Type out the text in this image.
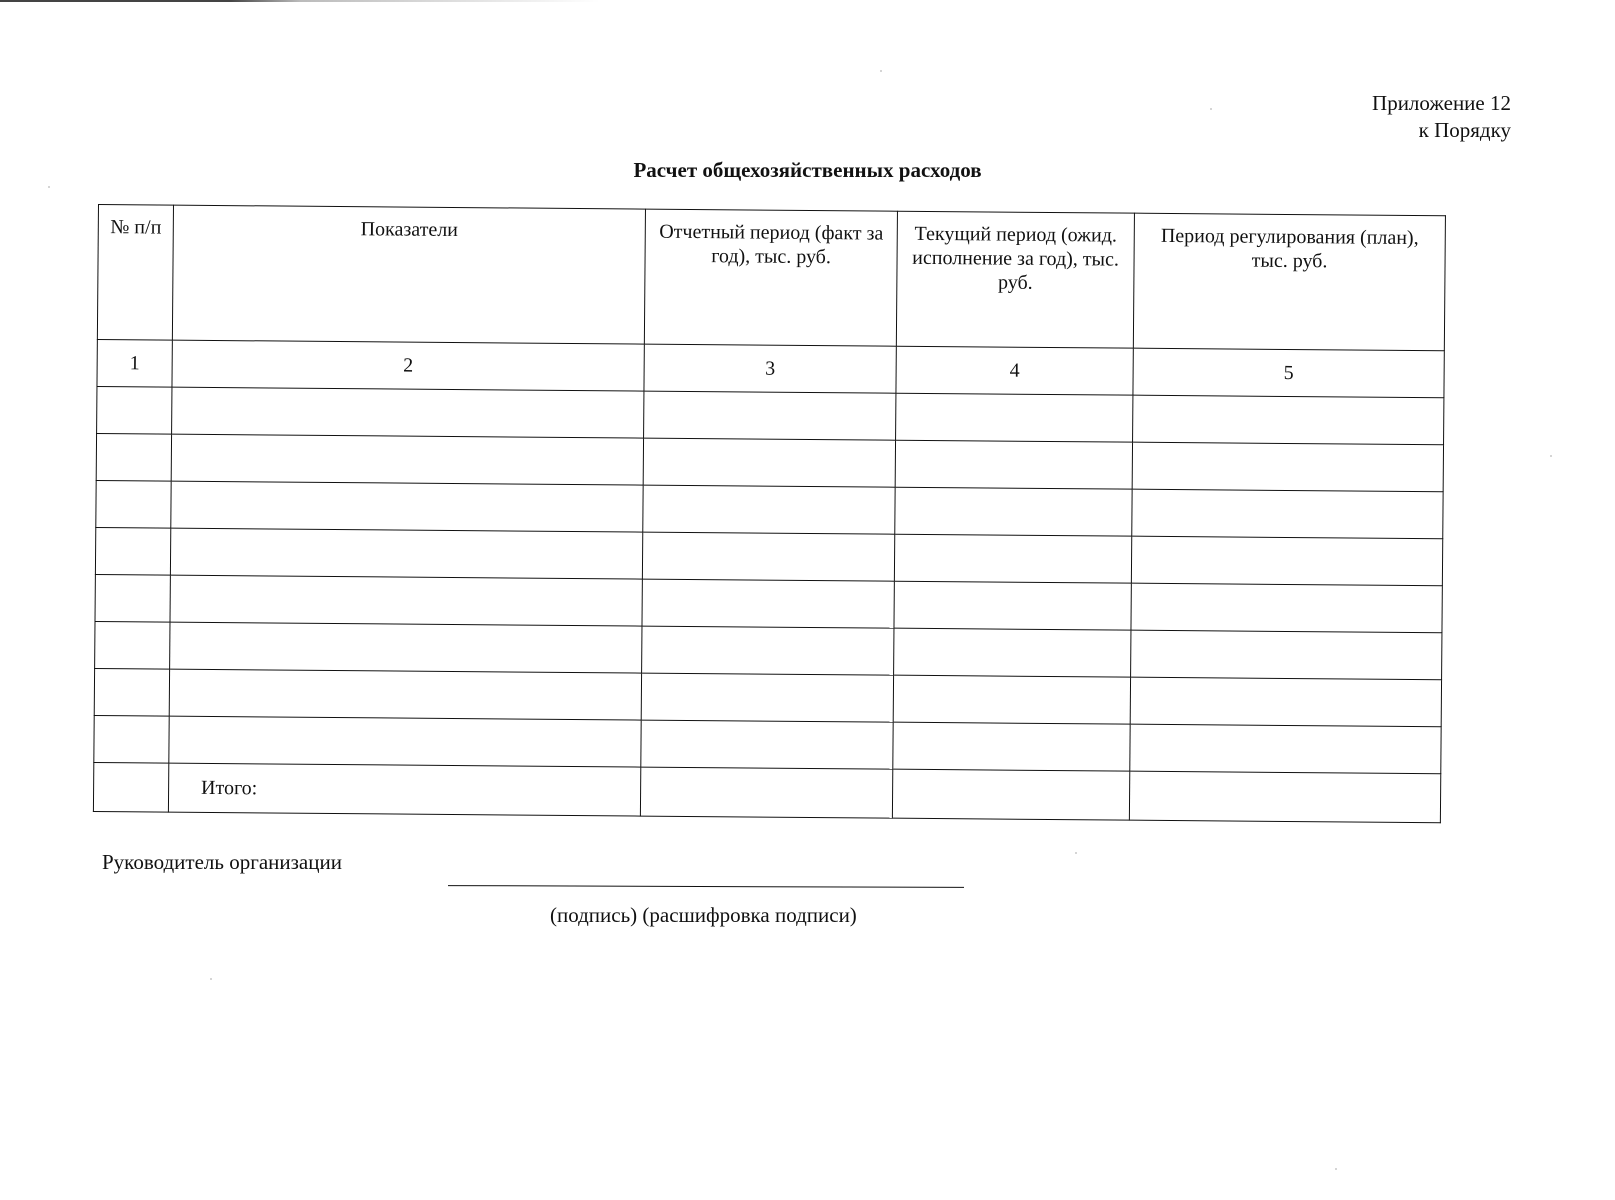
Приложение 12
к Порядку
Расчет общехозяйственных расходов
№ п/п	Показатели	Отчетный период (факт за год), тыс. руб.	Текущий период (ожид. исполнение за год), тыс. руб.	Период регулирования (план), тыс. руб.
1	2	3	4	5

	Итого:			
Руководитель организации
(подпись) (расшифровка подписи)
